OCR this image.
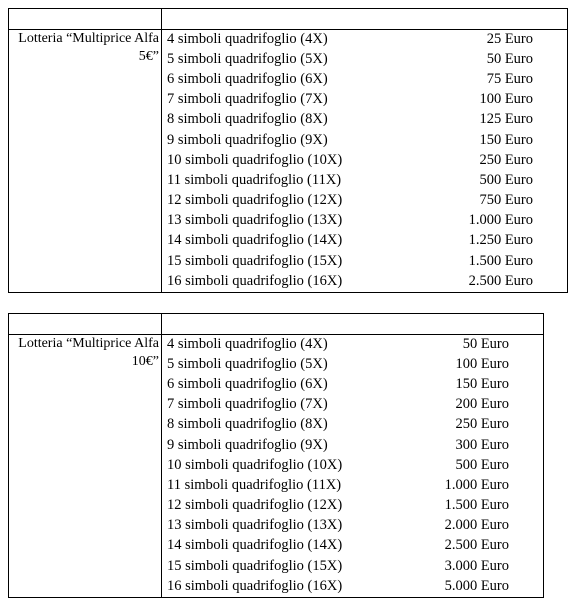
Lotteria “Multiprice Alfa 5€”
4 simboli quadrifoglio (4X)	25 Euro
5 simboli quadrifoglio (5X)	50 Euro
6 simboli quadrifoglio (6X)	75 Euro
7 simboli quadrifoglio (7X)	100 Euro
8 simboli quadrifoglio (8X)	125 Euro
9 simboli quadrifoglio (9X)	150 Euro
10 simboli quadrifoglio (10X)	250 Euro
11 simboli quadrifoglio (11X)	500 Euro
12 simboli quadrifoglio (12X)	750 Euro
13 simboli quadrifoglio (13X)	1.000 Euro
14 simboli quadrifoglio (14X)	1.250 Euro
15 simboli quadrifoglio (15X)	1.500 Euro
16 simboli quadrifoglio (16X)	2.500 Euro
Lotteria “Multiprice Alfa 10€”
4 simboli quadrifoglio (4X)	50 Euro
5 simboli quadrifoglio (5X)	100 Euro
6 simboli quadrifoglio (6X)	150 Euro
7 simboli quadrifoglio (7X)	200 Euro
8 simboli quadrifoglio (8X)	250 Euro
9 simboli quadrifoglio (9X)	300 Euro
10 simboli quadrifoglio (10X)	500 Euro
11 simboli quadrifoglio (11X)	1.000 Euro
12 simboli quadrifoglio (12X)	1.500 Euro
13 simboli quadrifoglio (13X)	2.000 Euro
14 simboli quadrifoglio (14X)	2.500 Euro
15 simboli quadrifoglio (15X)	3.000 Euro
16 simboli quadrifoglio (16X)	5.000 Euro
